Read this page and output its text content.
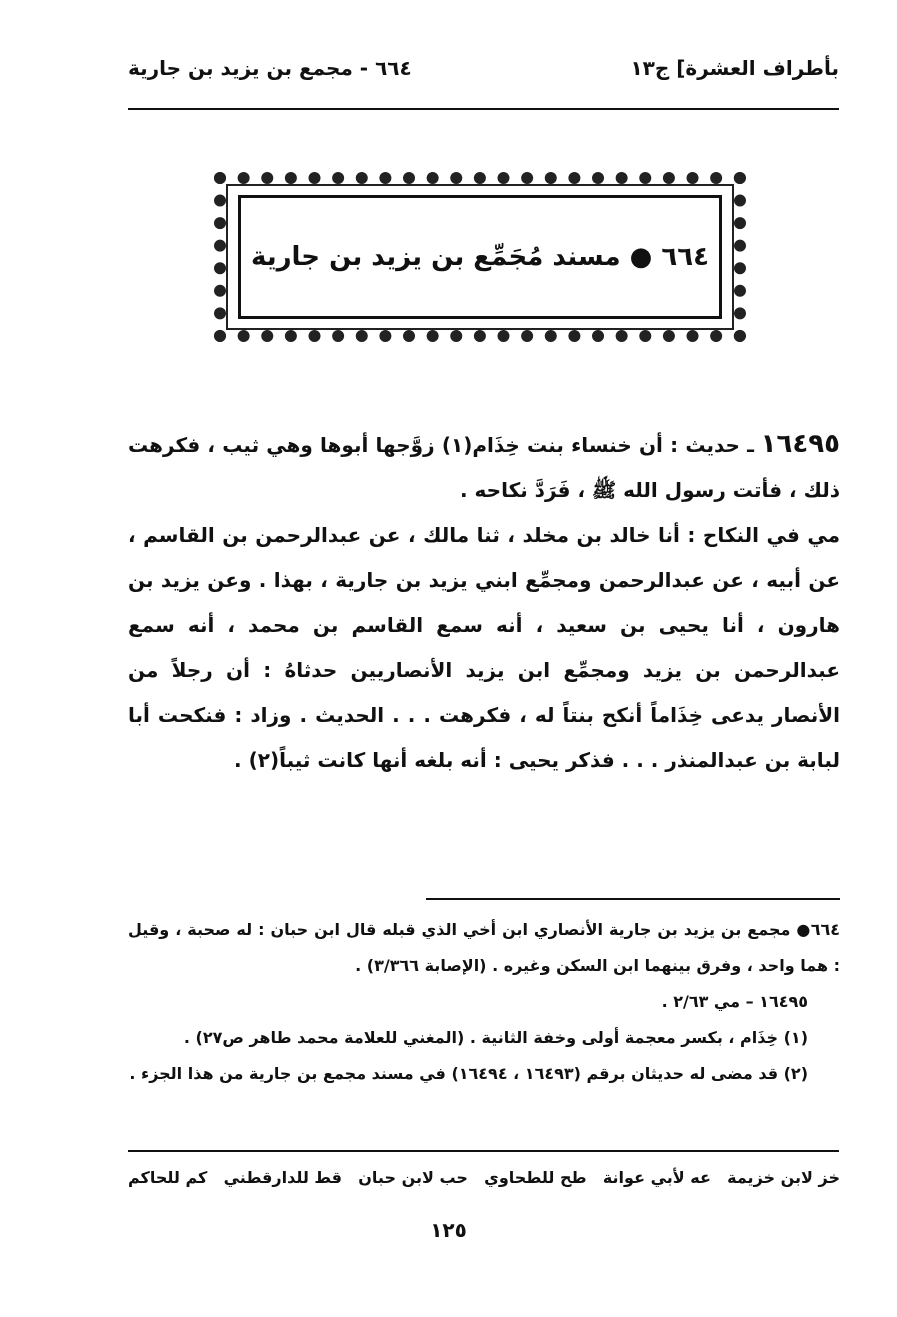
بأطراف العشرة] ج١٣
٦٦٤ - مجمع بن يزيد بن جارية
٦٦٤ ● مسند مُجَمِّع بن يزيد بن جارية

١٦٤٩٥ ـ حديث : أن خنساء بنت خِذَام(١) زوَّجها أبوها وهي ثيب ، فكرهت ذلك ، فأتت رسول الله ﷺ ، فَرَدَّ نكاحه .

مي في النكاح : أنا خالد بن مخلد ، ثنا مالك ، عن عبدالرحمن بن القاسم ، عن أبيه ، عن عبدالرحمن ومجمِّع ابني يزيد بن جارية ، بهذا . وعن يزيد بن هارون ، أنا يحيى بن سعيد ، أنه سمع القاسم بن محمد ، أنه سمع عبدالرحمن بن يزيد ومجمِّع ابن يزيد الأنصاريين حدثاهُ : أن رجلاً من الأنصار يدعى خِذَاماً أنكح بنتاً له ، فكرهت . . . الحديث . وزاد : فنكحت أبا لبابة بن عبدالمنذر . . . فذكر يحيى : أنه بلغه أنها كانت ثيباً(٢) .

٦٦٤● مجمع بن يزيد بن جارية الأنصاري ابن أخي الذي قبله قال ابن حبان : له صحبة ، وقيل : هما واحد ، وفرق بينهما ابن السكن وغيره . (الإصابة ٣/٣٦٦) .

١٦٤٩٥ – مي ٢/٦٣ .

(١) خِذَام ، بكسر معجمة أولى وخفة الثانية . (المغني للعلامة محمد طاهر ص٢٧) .

(٢) قد مضى له حديثان برقم (١٦٤٩٣ ، ١٦٤٩٤) في مسند مجمع بن جارية من هذا الجزء .

خز لابن خزيمة
عه لأبي عوانة
طح للطحاوي
حب لابن حبان
قط للدارقطني
كم للحاكم
١٢٥
